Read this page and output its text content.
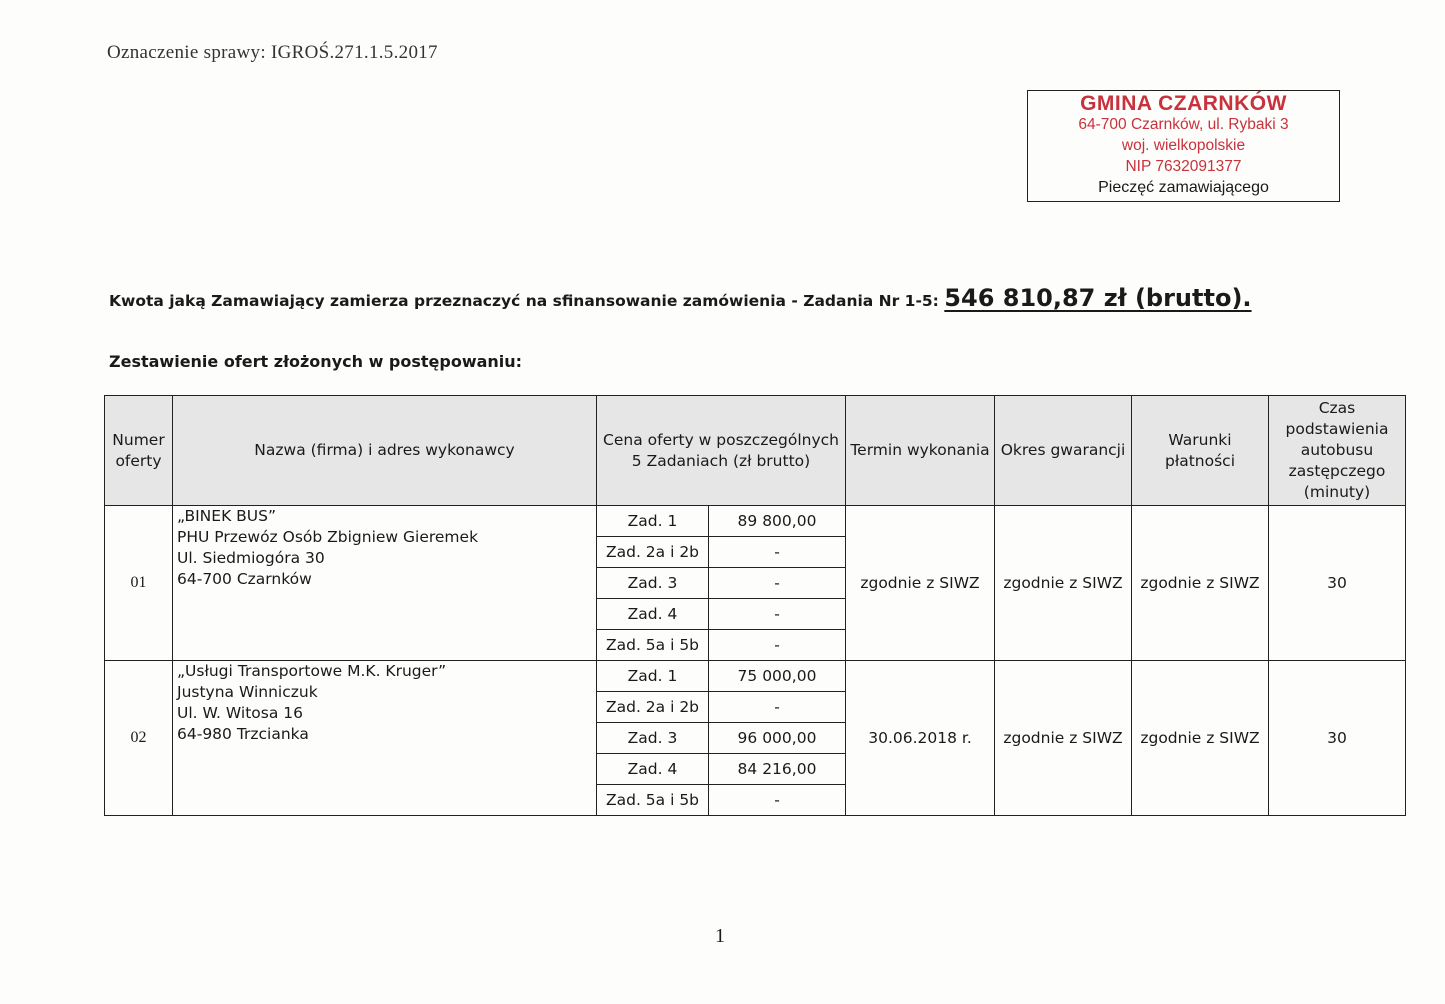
Oznaczenie sprawy: IGROŚ.271.1.5.2017
GMINA CZARNKÓW
64-700 Czarnków, ul. Rybaki 3
woj. wielkopolskie
NIP 7632091377
Pieczęć zamawiającego
Kwota jaką Zamawiający zamierza przeznaczyć na sfinansowanie zamówienia - Zadania Nr 1-5: 546 810,87 zł (brutto).
Zestawienie ofert złożonych w postępowaniu:
Numer oferty	Nazwa (firma) i adres wykonawcy	Cena oferty w poszczególnych 5 Zadaniach (zł brutto)		Termin wykonania	Okres gwarancji	Warunki płatności	Czas podstawienia autobusu zastępczego (minuty)
01	„BINEK BUS”
PHU Przewóz Osób Zbigniew Gieremek
Ul. Siedmiogóra 30
64-700 Czarnków	Zad. 1	89 800,00	zgodnie z SIWZ	zgodnie z SIWZ	zgodnie z SIWZ	30
		Zad. 2a i 2b	-				
		Zad. 3	-				
		Zad. 4	-				
		Zad. 5a i 5b	-				
02	„Usługi Transportowe M.K. Kruger”
Justyna Winniczuk
Ul. W. Witosa 16
64-980 Trzcianka	Zad. 1	75 000,00	30.06.2018 r.	zgodnie z SIWZ	zgodnie z SIWZ	30
		Zad. 2a i 2b	-				
		Zad. 3	96 000,00				
		Zad. 4	84 216,00				
		Zad. 5a i 5b	-				
1
